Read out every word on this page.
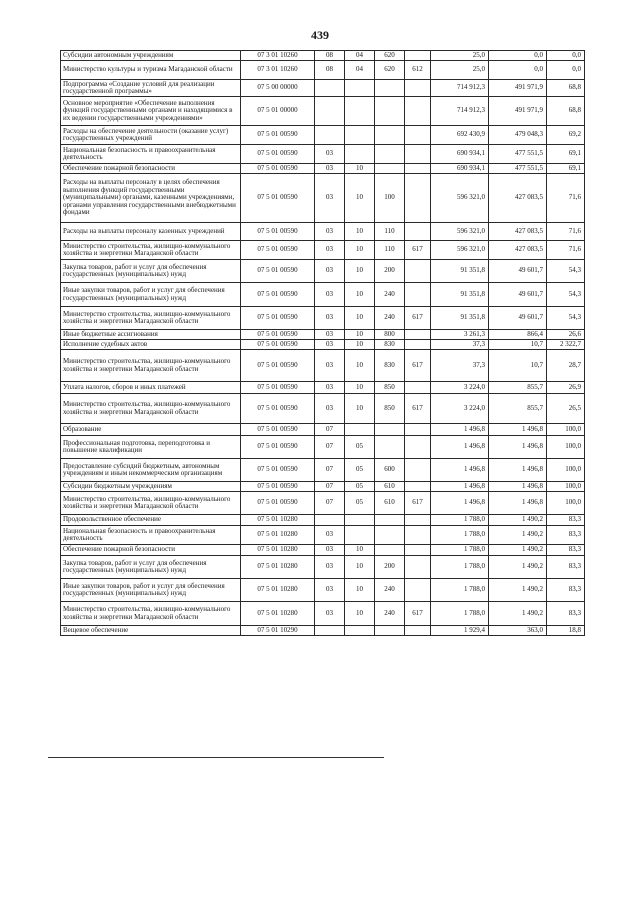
439
Субсидии автономным учреждениям	07 3 01 10260	08	04	620		25,0	0,0	0,0
Министерство культуры и туризма Магаданской области	07 3 01 10260	08	04	620	612	25,0	0,0	0,0
Подпрограмма «Создание условий для реализации государственной программы»	07 5 00 00000					714 912,3	491 971,9	68,8
Основное мероприятие «Обеспечение выполнения функций государственными органами и находящимися в их ведении государственными учреждениями»	07 5 01 00000					714 912,3	491 971,9	68,8
Расходы на обеспечение деятельности (оказание услуг) государственных учреждений	07 5 01 00590					692 430,9	479 048,3	69,2
Национальная безопасность и правоохранительная деятельность	07 5 01 00590	03				690 934,1	477 551,5	69,1
Обеспечение пожарной безопасности	07 5 01 00590	03	10			690 934,1	477 551,5	69,1
Расходы на выплаты персоналу в целях обеспечения выполнения функций государственными (муниципальными) органами, казенными учреждениями, органами управления государственными внебюджетными фондами	07 5 01 00590	03	10	100		596 321,0	427 083,5	71,6
Расходы на выплаты персоналу казенных учреждений	07 5 01 00590	03	10	110		596 321,0	427 083,5	71,6
Министерство строительства, жилищно-коммунального хозяйства и энергетики Магаданской области	07 5 01 00590	03	10	110	617	596 321,0	427 083,5	71,6
Закупка товаров, работ и услуг для обеспечения государственных (муниципальных) нужд	07 5 01 00590	03	10	200		91 351,8	49 601,7	54,3
Иные закупки товаров, работ и услуг для обеспечения государственных (муниципальных) нужд	07 5 01 00590	03	10	240		91 351,8	49 601,7	54,3
Министерство строительства, жилищно-коммунального хозяйства и энергетики Магаданской области	07 5 01 00590	03	10	240	617	91 351,8	49 601,7	54,3
Иные бюджетные ассигнования	07 5 01 00590	03	10	800		3 261,3	866,4	26,6
Исполнение судебных актов	07 5 01 00590	03	10	830		37,3	10,7	2 322,7
Министерство строительства, жилищно-коммунального хозяйства и энергетики Магаданской области	07 5 01 00590	03	10	830	617	37,3	10,7	28,7
Уплата налогов, сборов и иных платежей	07 5 01 00590	03	10	850		3 224,0	855,7	26,9
Министерство строительства, жилищно-коммунального хозяйства и энергетики Магаданской области	07 5 01 00590	03	10	850	617	3 224,0	855,7	26,5
Образование	07 5 01 00590	07				1 496,8	1 496,8	100,0
Профессиональная подготовка, переподготовка и повышение квалификации	07 5 01 00590	07	05			1 496,8	1 496,8	100,0
Предоставление субсидий бюджетным, автономным учреждениям и иным некоммерческим организациям	07 5 01 00590	07	05	600		1 496,8	1 496,8	100,0
Субсидии бюджетным учреждениям	07 5 01 00590	07	05	610		1 496,8	1 496,8	100,0
Министерство строительства, жилищно-коммунального хозяйства и энергетики Магаданской области	07 5 01 00590	07	05	610	617	1 496,8	1 496,8	100,0
Продовольственное обеспечение	07 5 01 10280					1 788,0	1 490,2	83,3
Национальная безопасность и правоохранительная деятельность	07 5 01 10280	03				1 788,0	1 490,2	83,3
Обеспечение пожарной безопасности	07 5 01 10280	03	10			1 788,0	1 490,2	83,3
Закупка товаров, работ и услуг для обеспечения государственных (муниципальных) нужд	07 5 01 10280	03	10	200		1 788,0	1 490,2	83,3
Иные закупки товаров, работ и услуг для обеспечения государственных (муниципальных) нужд	07 5 01 10280	03	10	240		1 788,0	1 490,2	83,3
Министерство строительства, жилищно-коммунального хозяйства и энергетики Магаданской области	07 5 01 10280	03	10	240	617	1 788,0	1 490,2	83,3
Вещевое обеспечение	07 5 01 10290					1 929,4	363,0	18,8
